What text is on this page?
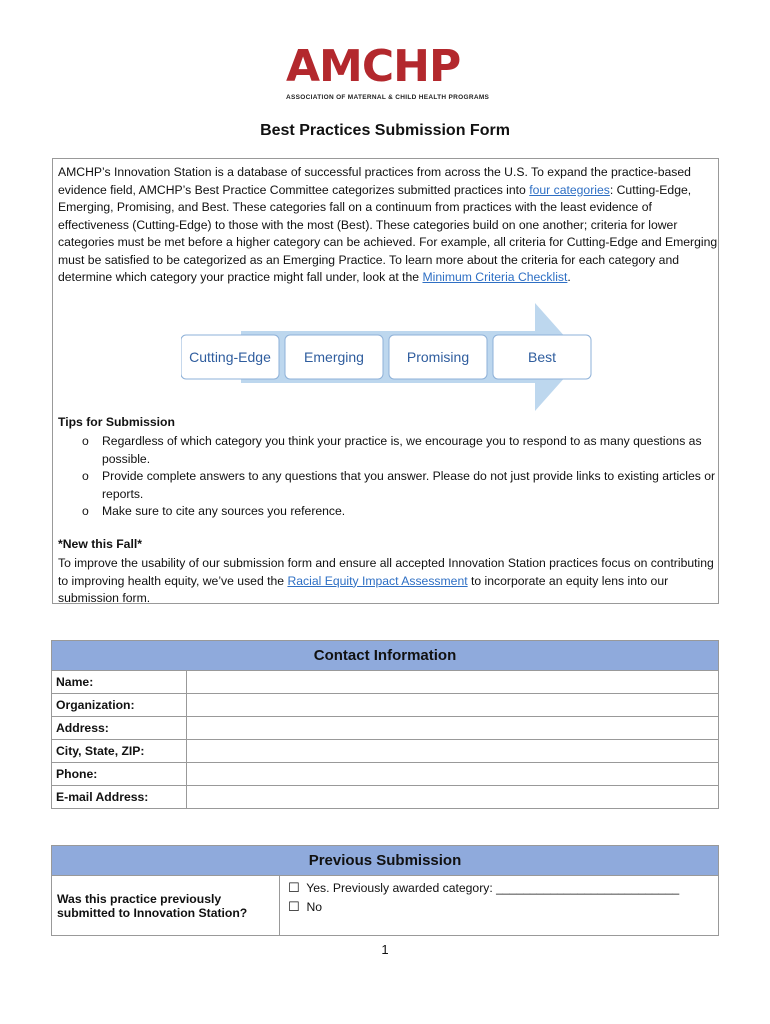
AMCHP
ASSOCIATION OF MATERNAL & CHILD HEALTH PROGRAMS
Best Practices Submission Form
AMCHP’s Innovation Station is a database of successful practices from across the U.S. To expand the practice-based evidence field, AMCHP’s Best Practice Committee categorizes submitted practices into four categories: Cutting-Edge, Emerging, Promising, and Best. These categories fall on a continuum from practices with the least evidence of effectiveness (Cutting-Edge) to those with the most (Best). These categories build on one another; criteria for lower categories must be met before a higher category can be achieved. For example, all criteria for Cutting-Edge and Emerging must be satisfied to be categorized as an Emerging Practice. To learn more about the criteria for each category and determine which category your practice might fall under, look at the Minimum Criteria Checklist.
Cutting-Edge Emerging	Promising	Best
Tips for Submission
o Regardless of which category you think your practice is, we encourage you to respond to as many questions as possible.
o Provide complete answers to any questions that you answer. Please do not just provide links to existing articles or reports.
o Make sure to cite any sources you reference.
*New this Fall*
To improve the usability of our submission form and ensure all accepted Innovation Station practices focus on contributing to improving health equity, we’ve used the Racial Equity Impact Assessment to incorporate an equity lens into our submission form.
Contact Information	
Name:	
Organization:	
Address:	
City, State, ZIP:	
Phone:	
E-mail Address:	
Previous Submission
Was this practice previously submitted to Innovation Station?	
☐ Yes. Previously awarded category: ___________________________
☐ No
1
